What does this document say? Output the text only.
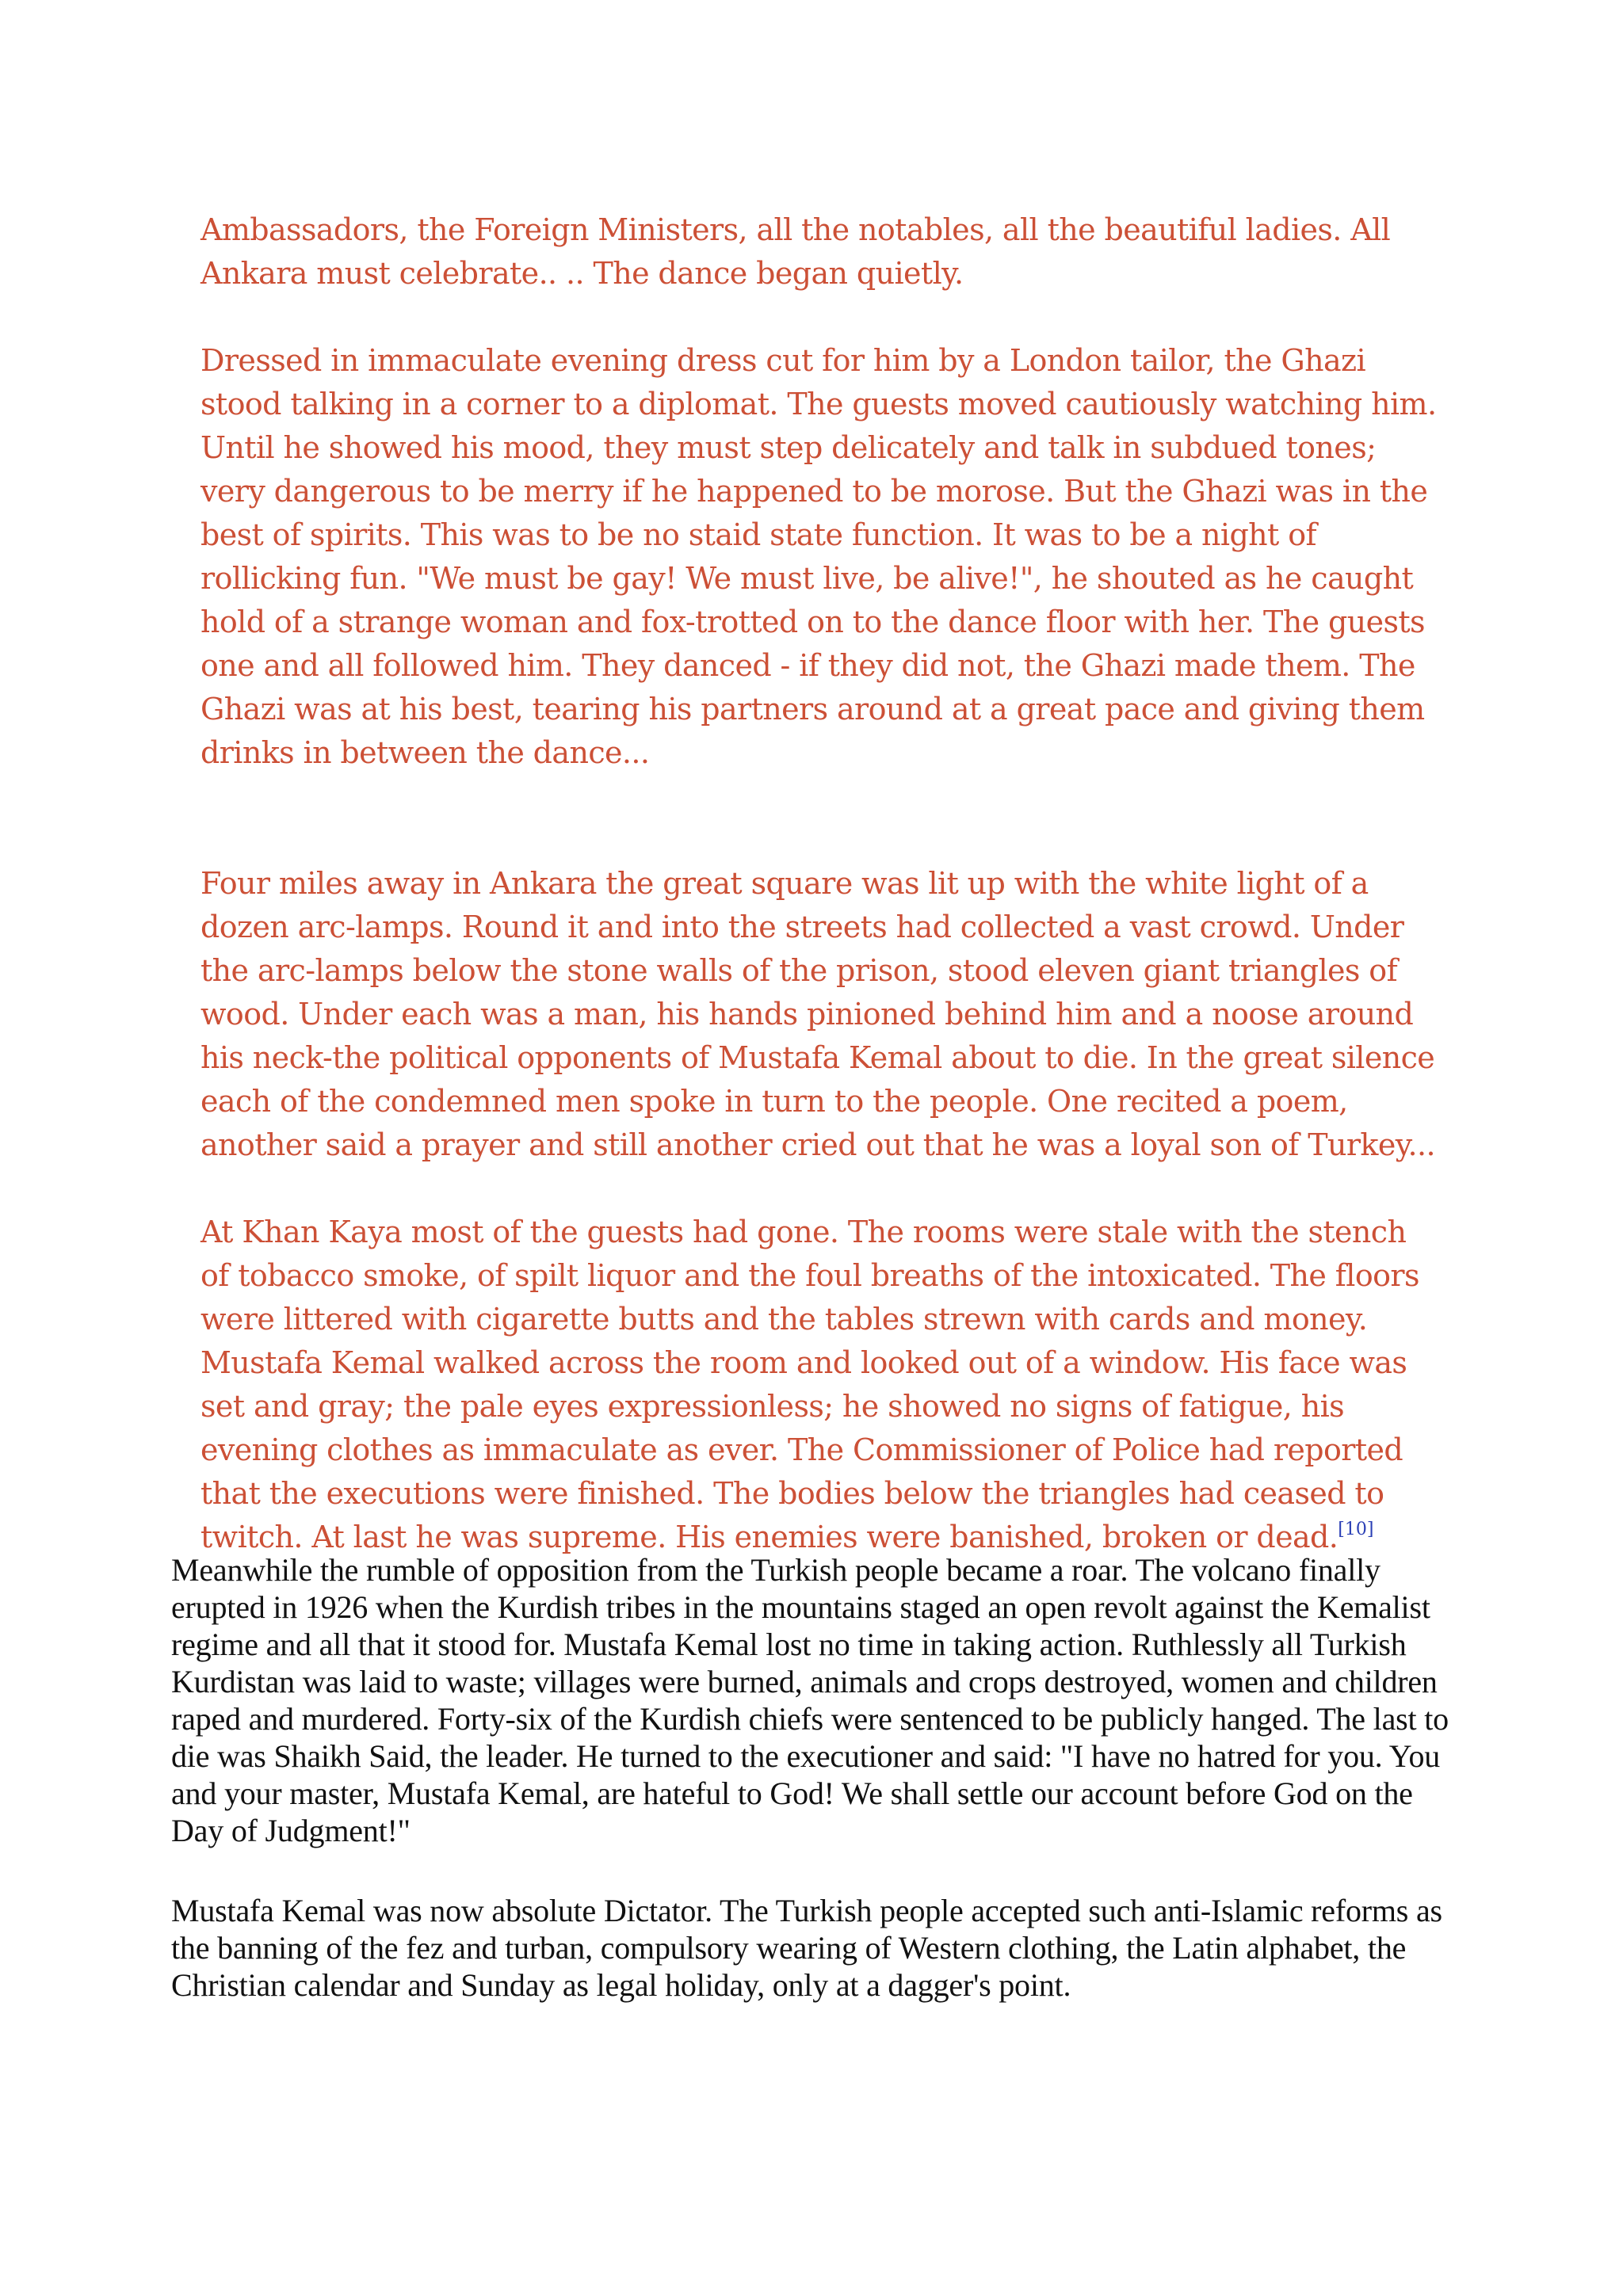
Ambassadors, the Foreign Ministers, all the notables, all the beautiful ladies. All Ankara must celebrate.. .. The dance began quietly.

Dressed in immaculate evening dress cut for him by a London tailor, the Ghazi stood talking in a corner to a diplomat. The guests moved cautiously watching him. Until he showed his mood, they must step delicately and talk in subdued tones; very dangerous to be merry if he happened to be morose. But the Ghazi was in the best of spirits. This was to be no staid state function. It was to be a night of rollicking fun. "We must be gay! We must live, be alive!", he shouted as he caught hold of a strange woman and fox-trotted on to the dance floor with her. The guests one and all followed him. They danced - if they did not, the Ghazi made them. The Ghazi was at his best, tearing his partners around at a great pace and giving them drinks in between the dance...

Four miles away in Ankara the great square was lit up with the white light of a dozen arc-lamps. Round it and into the streets had collected a vast crowd. Under the arc-lamps below the stone walls of the prison, stood eleven giant triangles of wood. Under each was a man, his hands pinioned behind him and a noose around his neck-the political opponents of Mustafa Kemal about to die. In the great silence each of the condemned men spoke in turn to the people. One recited a poem, another said a prayer and still another cried out that he was a loyal son of Turkey...

At Khan Kaya most of the guests had gone. The rooms were stale with the stench of tobacco smoke, of spilt liquor and the foul breaths of the intoxicated. The floors were littered with cigarette butts and the tables strewn with cards and money. Mustafa Kemal walked across the room and looked out of a window. His face was set and gray; the pale eyes expressionless; he showed no signs of fatigue, his evening clothes as immaculate as ever. The Commissioner of Police had reported that the executions were finished. The bodies below the triangles had ceased to twitch. At last he was supreme. His enemies were banished, broken or dead.[10]

Meanwhile the rumble of opposition from the Turkish people became a roar. The volcano finally erupted in 1926 when the Kurdish tribes in the mountains staged an open revolt against the Kemalist regime and all that it stood for. Mustafa Kemal lost no time in taking action. Ruthlessly all Turkish Kurdistan was laid to waste; villages were burned, animals and crops destroyed, women and children raped and murdered. Forty-six of the Kurdish chiefs were sentenced to be publicly hanged. The last to die was Shaikh Said, the leader. He turned to the executioner and said: "I have no hatred for you. You and your master, Mustafa Kemal, are hateful to God! We shall settle our account before God on the Day of Judgment!"

Mustafa Kemal was now absolute Dictator. The Turkish people accepted such anti-Islamic reforms as the banning of the fez and turban, compulsory wearing of Western clothing, the Latin alphabet, the Christian calendar and Sunday as legal holiday, only at a dagger's point.
